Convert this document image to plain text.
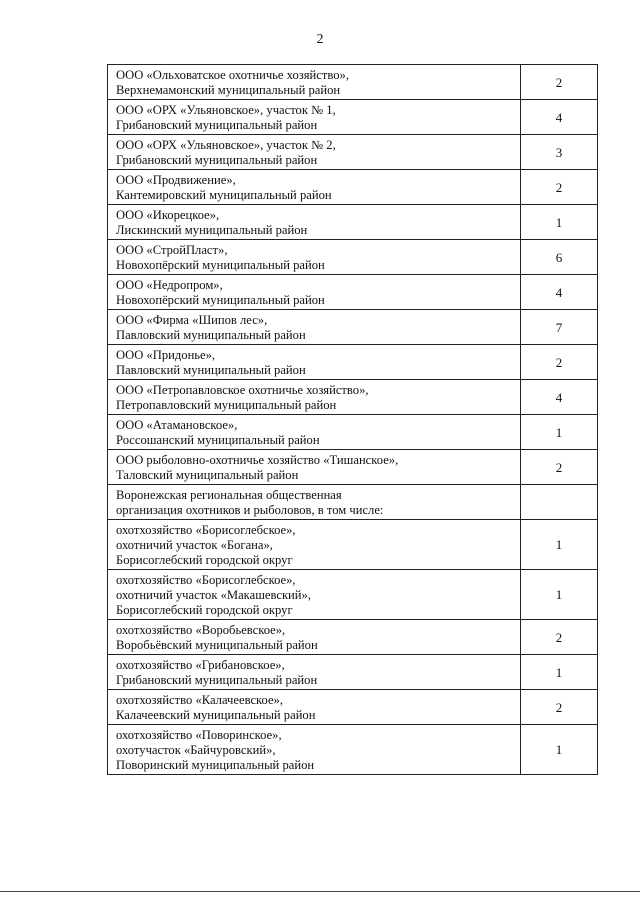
2
ООО «Ольховатское охотничье хозяйство»,
Верхнемамонский муниципальный район	2

ООО «ОРХ «Ульяновское», участок № 1,
Грибановский муниципальный район	4

ООО «ОРХ «Ульяновское», участок № 2,
Грибановский муниципальный район	3

ООО «Продвижение»,
Кантемировский муниципальный район	2

ООО «Икорецкое»,
Лискинский муниципальный район	1

ООО «СтройПласт»,
Новохопёрский муниципальный район	6

ООО «Недропром»,
Новохопёрский муниципальный район	4

ООО «Фирма «Шипов лес»,
Павловский муниципальный район	7

ООО «Придонье»,
Павловский муниципальный район	2

ООО «Петропавловское охотничье хозяйство»,
Петропавловский муниципальный район	4

ООО «Атамановское»,
Россошанский муниципальный район	1

ООО рыболовно-охотничье хозяйство «Тишанское»,
Таловский муниципальный район	2

Воронежская региональная общественная
организация охотников и рыболовов, в том числе:	

охотхозяйство «Борисоглебское»,
охотничий участок «Богана»,
Борисоглебский городской округ	1

охотхозяйство «Борисоглебское»,
охотничий участок «Макашевский»,
Борисоглебский городской округ	1

охотхозяйство «Воробьевское»,
Воробьёвский муниципальный район	2

охотхозяйство «Грибановское»,
Грибановский муниципальный район	1

охотхозяйство «Калачеевское»,
Калачеевский муниципальный район	2

охотхозяйство «Поворинское»,
охотучасток «Байчуровский»,
Поворинский муниципальный район	1
